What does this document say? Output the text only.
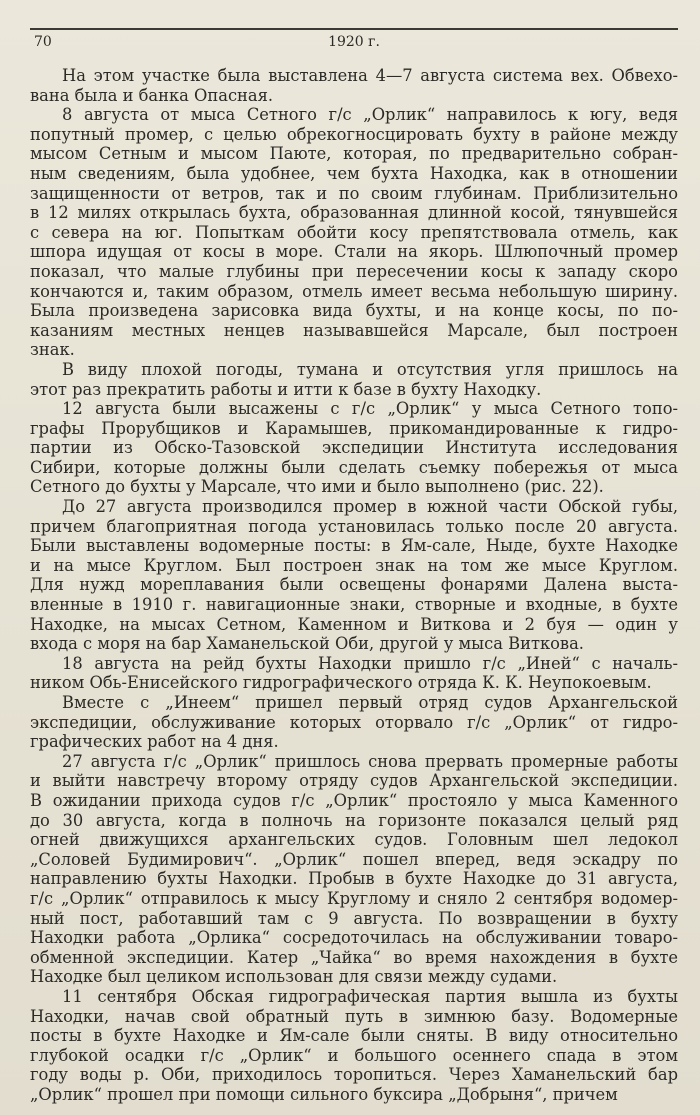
70	1920 г.
На этом участке была выставлена 4—7 августа система вех. Обвехо-
вана была и банка Опасная.
8 августа от мыса Сетного г/с „Орлик“ направилось к югу, ведя
попутный промер, с целью обрекогносцировать бухту в районе между
мысом Сетным и мысом Паюте, которая, по предварительно собран-
ным сведениям, была удобнее, чем бухта Находка, как в отношении
защищенности от ветров, так и по своим глубинам. Приблизительно
в 12 милях открылась бухта, образованная длинной косой, тянувшейся
с севера на юг. Попыткам обойти косу препятствовала отмель, как
шпора идущая от косы в море. Стали на якорь. Шлюпочный промер
показал, что малые глубины при пересечении косы к западу скоро
кончаются и, таким образом, отмель имеет весьма небольшую ширину.
Была произведена зарисовка вида бухты, и на конце косы, по по-
казаниям местных ненцев называвшейся Марсале, был построен
знак.
В виду плохой погоды, тумана и отсутствия угля пришлось на
этот раз прекратить работы и итти к базе в бухту Находку.
12 августа были высажены с г/с „Орлик“ у мыса Сетного топо-
графы Прорубщиков и Карамышев, прикомандированные к гидро-
партии из Обско-Тазовской экспедиции Института исследования
Сибири, которые должны были сделать съемку побережья от мыса
Сетного до бухты у Марсале, что ими и было выполнено (рис. 22).
До 27 августа производился промер в южной части Обской губы,
причем благоприятная погода установилась только после 20 августа.
Были выставлены водомерные посты: в Ям-сале, Ныде, бухте Находке
и на мысе Круглом. Был построен знак на том же мысе Круглом.
Для нужд мореплавания были освещены фонарями Далена выста-
вленные в 1910 г. навигационные знаки, створные и входные, в бухте
Находке, на мысах Сетном, Каменном и Виткова и 2 буя — один у
входа с моря на бар Хаманельской Оби, другой у мыса Виткова.
18 августа на рейд бухты Находки пришло г/с „Иней“ с началь-
ником Обь-Енисейского гидрографического отряда К. К. Неупокоевым.
Вместе с „Инеем“ пришел первый отряд судов Архангельской
экспедиции, обслуживание которых оторвало г/с „Орлик“ от гидро-
графических работ на 4 дня.
27 августа г/с „Орлик“ пришлось снова прервать промерные работы
и выйти навстречу второму отряду судов Архангельской экспедиции.
В ожидании прихода судов г/с „Орлик“ простояло у мыса Каменного
до 30 августа, когда в полночь на горизонте показался целый ряд
огней движущихся архангельских судов. Головным шел ледокол
„Соловей Будимирович“. „Орлик“ пошел вперед, ведя эскадру по
направлению бухты Находки. Пробыв в бухте Находке до 31 августа,
г/с „Орлик“ отправилось к мысу Круглому и сняло 2 сентября водомер-
ный пост, работавший там с 9 августа. По возвращении в бухту
Находки работа „Орлика“ сосредоточилась на обслуживании товаро-
обменной экспедиции. Катер „Чайка“ во время нахождения в бухте
Находке был целиком использован для связи между судами.
11 сентября Обская гидрографическая партия вышла из бухты
Находки, начав свой обратный путь в зимнюю базу. Водомерные
посты в бухте Находке и Ям-сале были сняты. В виду относительно
глубокой осадки г/с „Орлик“ и большого осеннего спада в этом
году воды р. Оби, приходилось торопиться. Через Хаманельский бар
„Орлик“ прошел при помощи сильного буксира „Добрыня“, причем
